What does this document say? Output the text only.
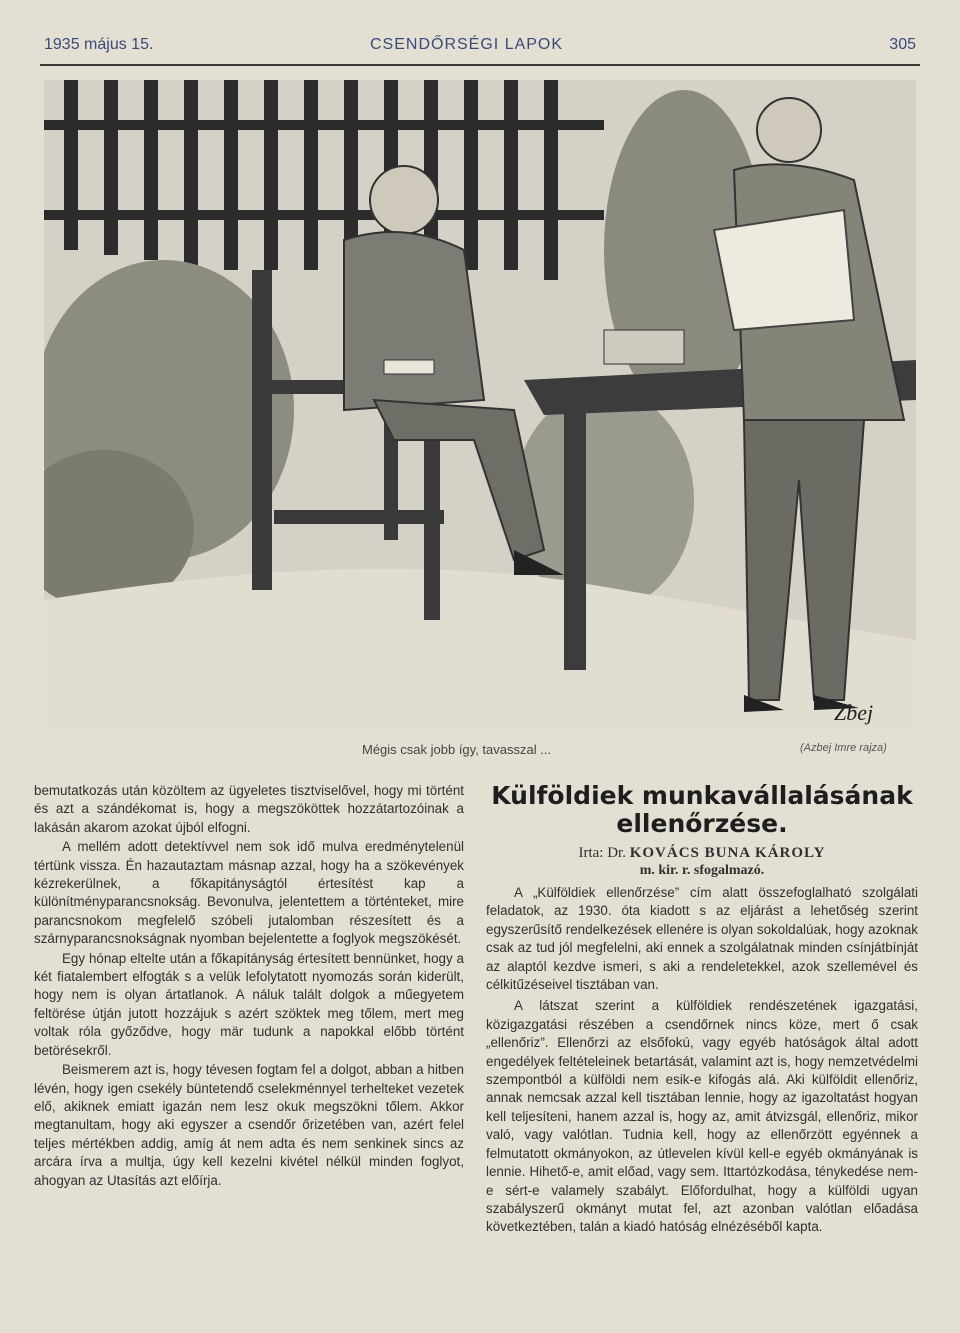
1935 május 15.	CSENDŐRSÉGI LAPOK	305
Zbej
Mégis csak jobb így, tavasszal ...	(Azbej Imre rajza)

bemutatkozás után közöltem az ügyeletes tisztviselővel, hogy mi történt és azt a szándékomat is, hogy a megszököttek hozzátartozóinak a lakásán akarom azokat újból elfogni.

A mellém adott detektívvel nem sok idő mulva eredménytelenül tértünk vissza. Én hazautaztam másnap azzal, hogy ha a szökevények kézrekerülnek, a főkapitányságtól értesítést kap a különítményparancsnokság. Bevonulva, jelentettem a történteket, mire parancsnokom megfelelő szóbeli jutalomban részesített és a szárnyparancsnokságnak nyomban bejelentette a foglyok megszökését.

Egy hónap eltelte után a főkapitányság értesített bennünket, hogy a két fiatalembert elfogták s a velük lefolytatott nyomozás során kiderült, hogy nem is olyan ártatlanok. A náluk talált dolgok a műegyetem feltörése útján jutott hozzájuk s azért szöktek meg tőlem, mert meg voltak róla győződve, hogy mär tudunk a napokkal előbb történt betörésekről.

Beismerem azt is, hogy tévesen fogtam fel a dolgot, abban a hitben lévén, hogy igen csekély büntetendő cselekménnyel terhelteket vezetek elő, akiknek emiatt igazán nem lesz okuk megszökni tőlem. Akkor megtanultam, hogy aki egyszer a csendőr őrizetében van, azért felel teljes mértékben addig, amíg át nem adta és nem senkinek sincs az arcára írva a multja, úgy kell kezelni kivétel nélkül minden foglyot, ahogyan az Utasítás azt előírja.

Külföldiek munkavállalásának ellenőrzése.

Irta: Dr. KOVÁCS BUNA KÁROLY

m. kir. r. sfogalmazó.

A „Külföldiek ellenőrzése” cím alatt összefoglalható szolgálati feladatok, az 1930. óta kiadott s az eljárást a lehetőség szerint egyszerűsítő rendelkezések ellenére is olyan sokoldalúak, hogy azoknak csak az tud jól megfelelni, aki ennek a szolgálatnak minden csínjátbínját az alaptól kezdve ismeri, s aki a rendeletekkel, azok szellemével és célkitűzéseivel tisztában van.

A látszat szerint a külföldiek rendészetének igazgatási, közigazgatási részében a csendőrnek nincs köze, mert ő csak „ellenőriz”. Ellenőrzi az elsőfokú, vagy egyéb hatóságok által adott engedélyek feltételeinek betartását, valamint azt is, hogy nemzetvédelmi szempontból a külföldi nem esik-e kifogás alá. Aki külföldit ellenőriz, annak nemcsak azzal kell tisztában lennie, hogy az igazoltatást hogyan kell teljesíteni, hanem azzal is, hogy az, amit átvizsgál, ellenőriz, mikor való, vagy valótlan. Tudnia kell, hogy az ellenőrzött egyénnek a felmutatott okmányokon, az útlevelen kívül kell-e egyéb okmányának is lennie. Hihető-e, amit előad, vagy sem. Ittartózkodása, ténykedése nem-e sért-e valamely szabályt. Előfordulhat, hogy a külföldi ugyan szabályszerű okmányt mutat fel, azt azonban valótlan előadása következtében, talán a kiadó hatóság elnézéséből kapta.
